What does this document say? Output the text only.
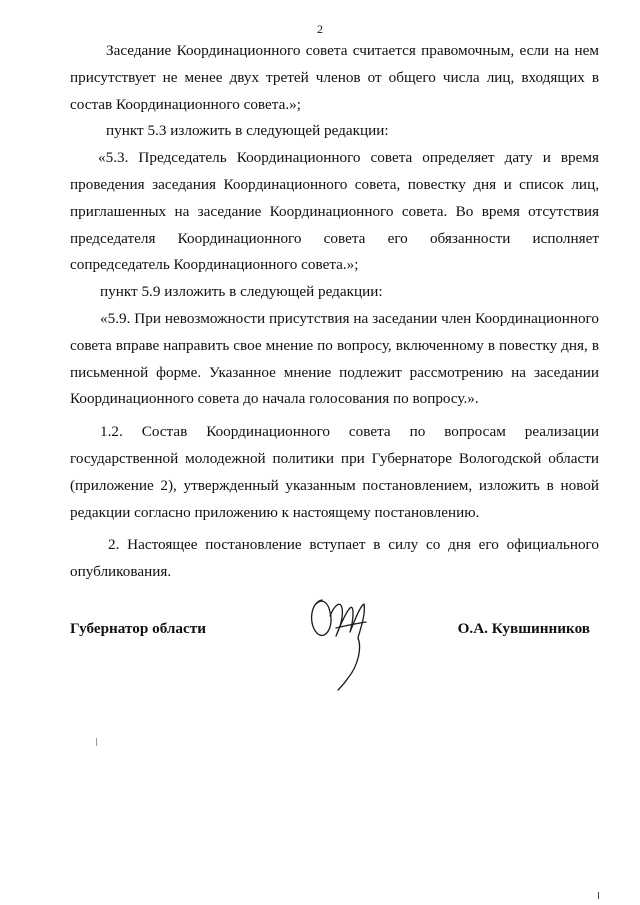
2

Заседание Координационного совета считается правомочным, если на нем присутствует не менее двух третей членов от общего числа лиц, входящих в состав Координационного совета.»;

пункт 5.3 изложить в следующей редакции:

«5.3. Председатель Координационного совета определяет дату и время проведения заседания Координационного совета, повестку дня и список лиц, приглашенных на заседание Координационного совета. Во время отсутствия председателя Координационного совета его обязанности исполняет сопредседатель Координационного совета.»;

пункт 5.9 изложить в следующей редакции:

«5.9. При невозможности присутствия на заседании член Координационного совета вправе направить свое мнение по вопросу, включенному в повестку дня, в письменной форме. Указанное мнение подлежит рассмотрению на заседании Координационного совета до начала голосования по вопросу.».

1.2. Состав Координационного совета по вопросам реализации государственной молодежной политики при Губернаторе Вологодской области (приложение 2), утвержденный указанным постановлением, изложить в новой редакции согласно приложению к настоящему постановлению.

2. Настоящее постановление вступает в силу со дня его официального опубликования.

Губернатор области	О.А. Кувшинников
